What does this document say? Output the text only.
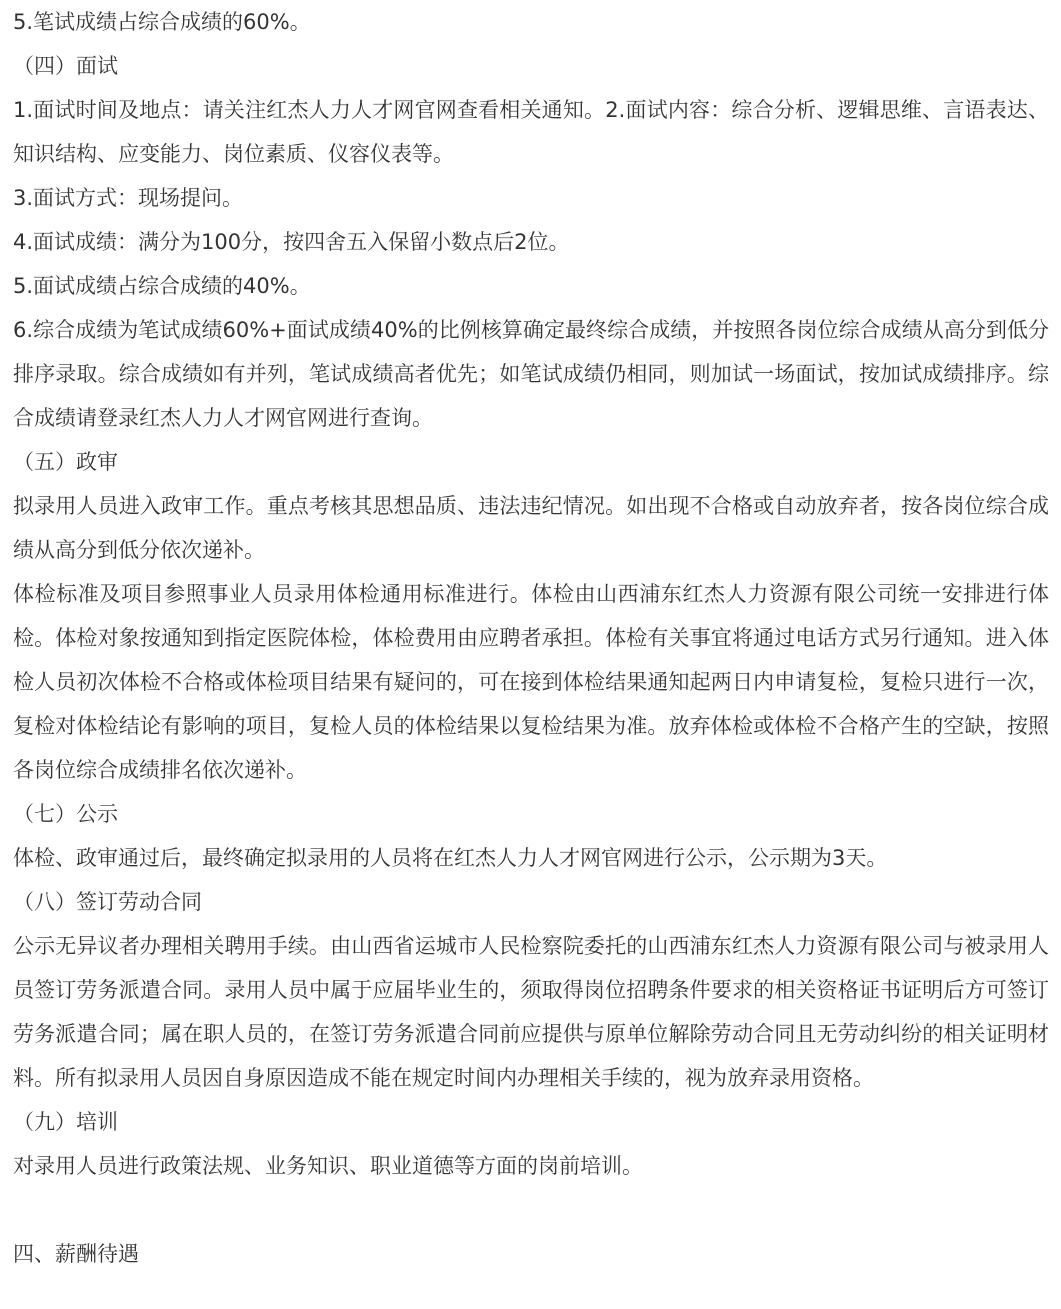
5.笔试成绩占综合成绩的60%。

（四）面试

1.面试时间及地点：请关注红杰人力人才网官网查看相关通知。2.面试内容：综合分析、逻辑思维、言语表达、知识结构、应变能力、岗位素质、仪容仪表等。

3.面试方式：现场提问。

4.面试成绩：满分为100分，按四舍五入保留小数点后2位。

5.面试成绩占综合成绩的40%。

6.综合成绩为笔试成绩60%+面试成绩40%的比例核算确定最终综合成绩，并按照各岗位综合成绩从高分到低分排序录取。综合成绩如有并列，笔试成绩高者优先；如笔试成绩仍相同，则加试一场面试，按加试成绩排序。综合成绩请登录红杰人力人才网官网进行查询。

（五）政审

拟录用人员进入政审工作。重点考核其思想品质、违法违纪情况。如出现不合格或自动放弃者，按各岗位综合成绩从高分到低分依次递补。

体检标准及项目参照事业人员录用体检通用标准进行。体检由山西浦东红杰人力资源有限公司统一安排进行体检。体检对象按通知到指定医院体检，体检费用由应聘者承担。体检有关事宜将通过电话方式另行通知。进入体检人员初次体检不合格或体检项目结果有疑问的，可在接到体检结果通知起两日内申请复检，复检只进行一次，复检对体检结论有影响的项目，复检人员的体检结果以复检结果为准。放弃体检或体检不合格产生的空缺，按照各岗位综合成绩排名依次递补。

（七）公示

体检、政审通过后，最终确定拟录用的人员将在红杰人力人才网官网进行公示，公示期为3天。

（八）签订劳动合同

公示无异议者办理相关聘用手续。由山西省运城市人民检察院委托的山西浦东红杰人力资源有限公司与被录用人员签订劳务派遣合同。录用人员中属于应届毕业生的，须取得岗位招聘条件要求的相关资格证书证明后方可签订劳务派遣合同；属在职人员的，在签订劳务派遣合同前应提供与原单位解除劳动合同且无劳动纠纷的相关证明材料。所有拟录用人员因自身原因造成不能在规定时间内办理相关手续的，视为放弃录用资格。

（九）培训

对录用人员进行政策法规、业务知识、职业道德等方面的岗前培训。

四、薪酬待遇
